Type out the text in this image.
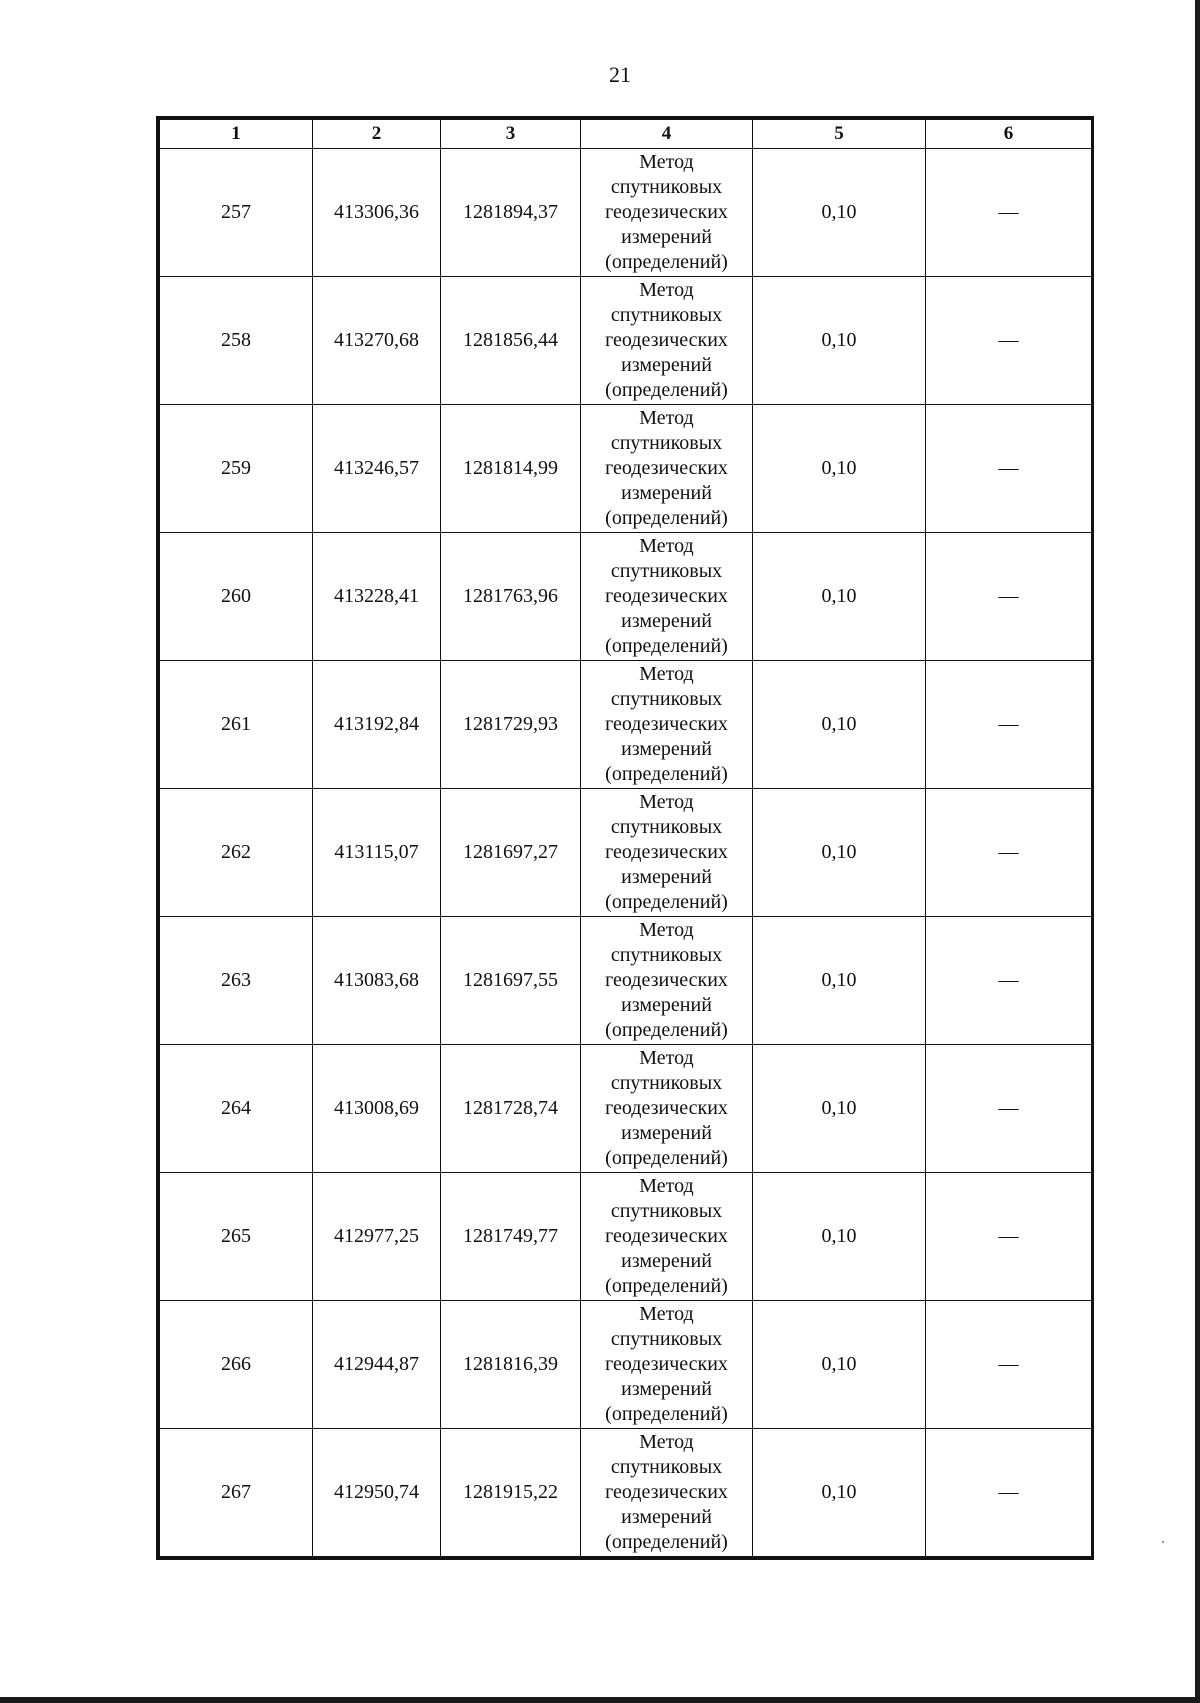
21
1	2	3	4	5	6
257	413306,36	1281894,37	Метод
спутниковых
геодезических
измерений
(определений)	0,10	—
258	413270,68	1281856,44	Метод
спутниковых
геодезических
измерений
(определений)	0,10	—
259	413246,57	1281814,99	Метод
спутниковых
геодезических
измерений
(определений)	0,10	—
260	413228,41	1281763,96	Метод
спутниковых
геодезических
измерений
(определений)	0,10	—
261	413192,84	1281729,93	Метод
спутниковых
геодезических
измерений
(определений)	0,10	—
262	413115,07	1281697,27	Метод
спутниковых
геодезических
измерений
(определений)	0,10	—
263	413083,68	1281697,55	Метод
спутниковых
геодезических
измерений
(определений)	0,10	—
264	413008,69	1281728,74	Метод
спутниковых
геодезических
измерений
(определений)	0,10	—
265	412977,25	1281749,77	Метод
спутниковых
геодезических
измерений
(определений)	0,10	—
266	412944,87	1281816,39	Метод
спутниковых
геодезических
измерений
(определений)	0,10	—
267	412950,74	1281915,22	Метод
спутниковых
геодезических
измерений
(определений)	0,10	—
